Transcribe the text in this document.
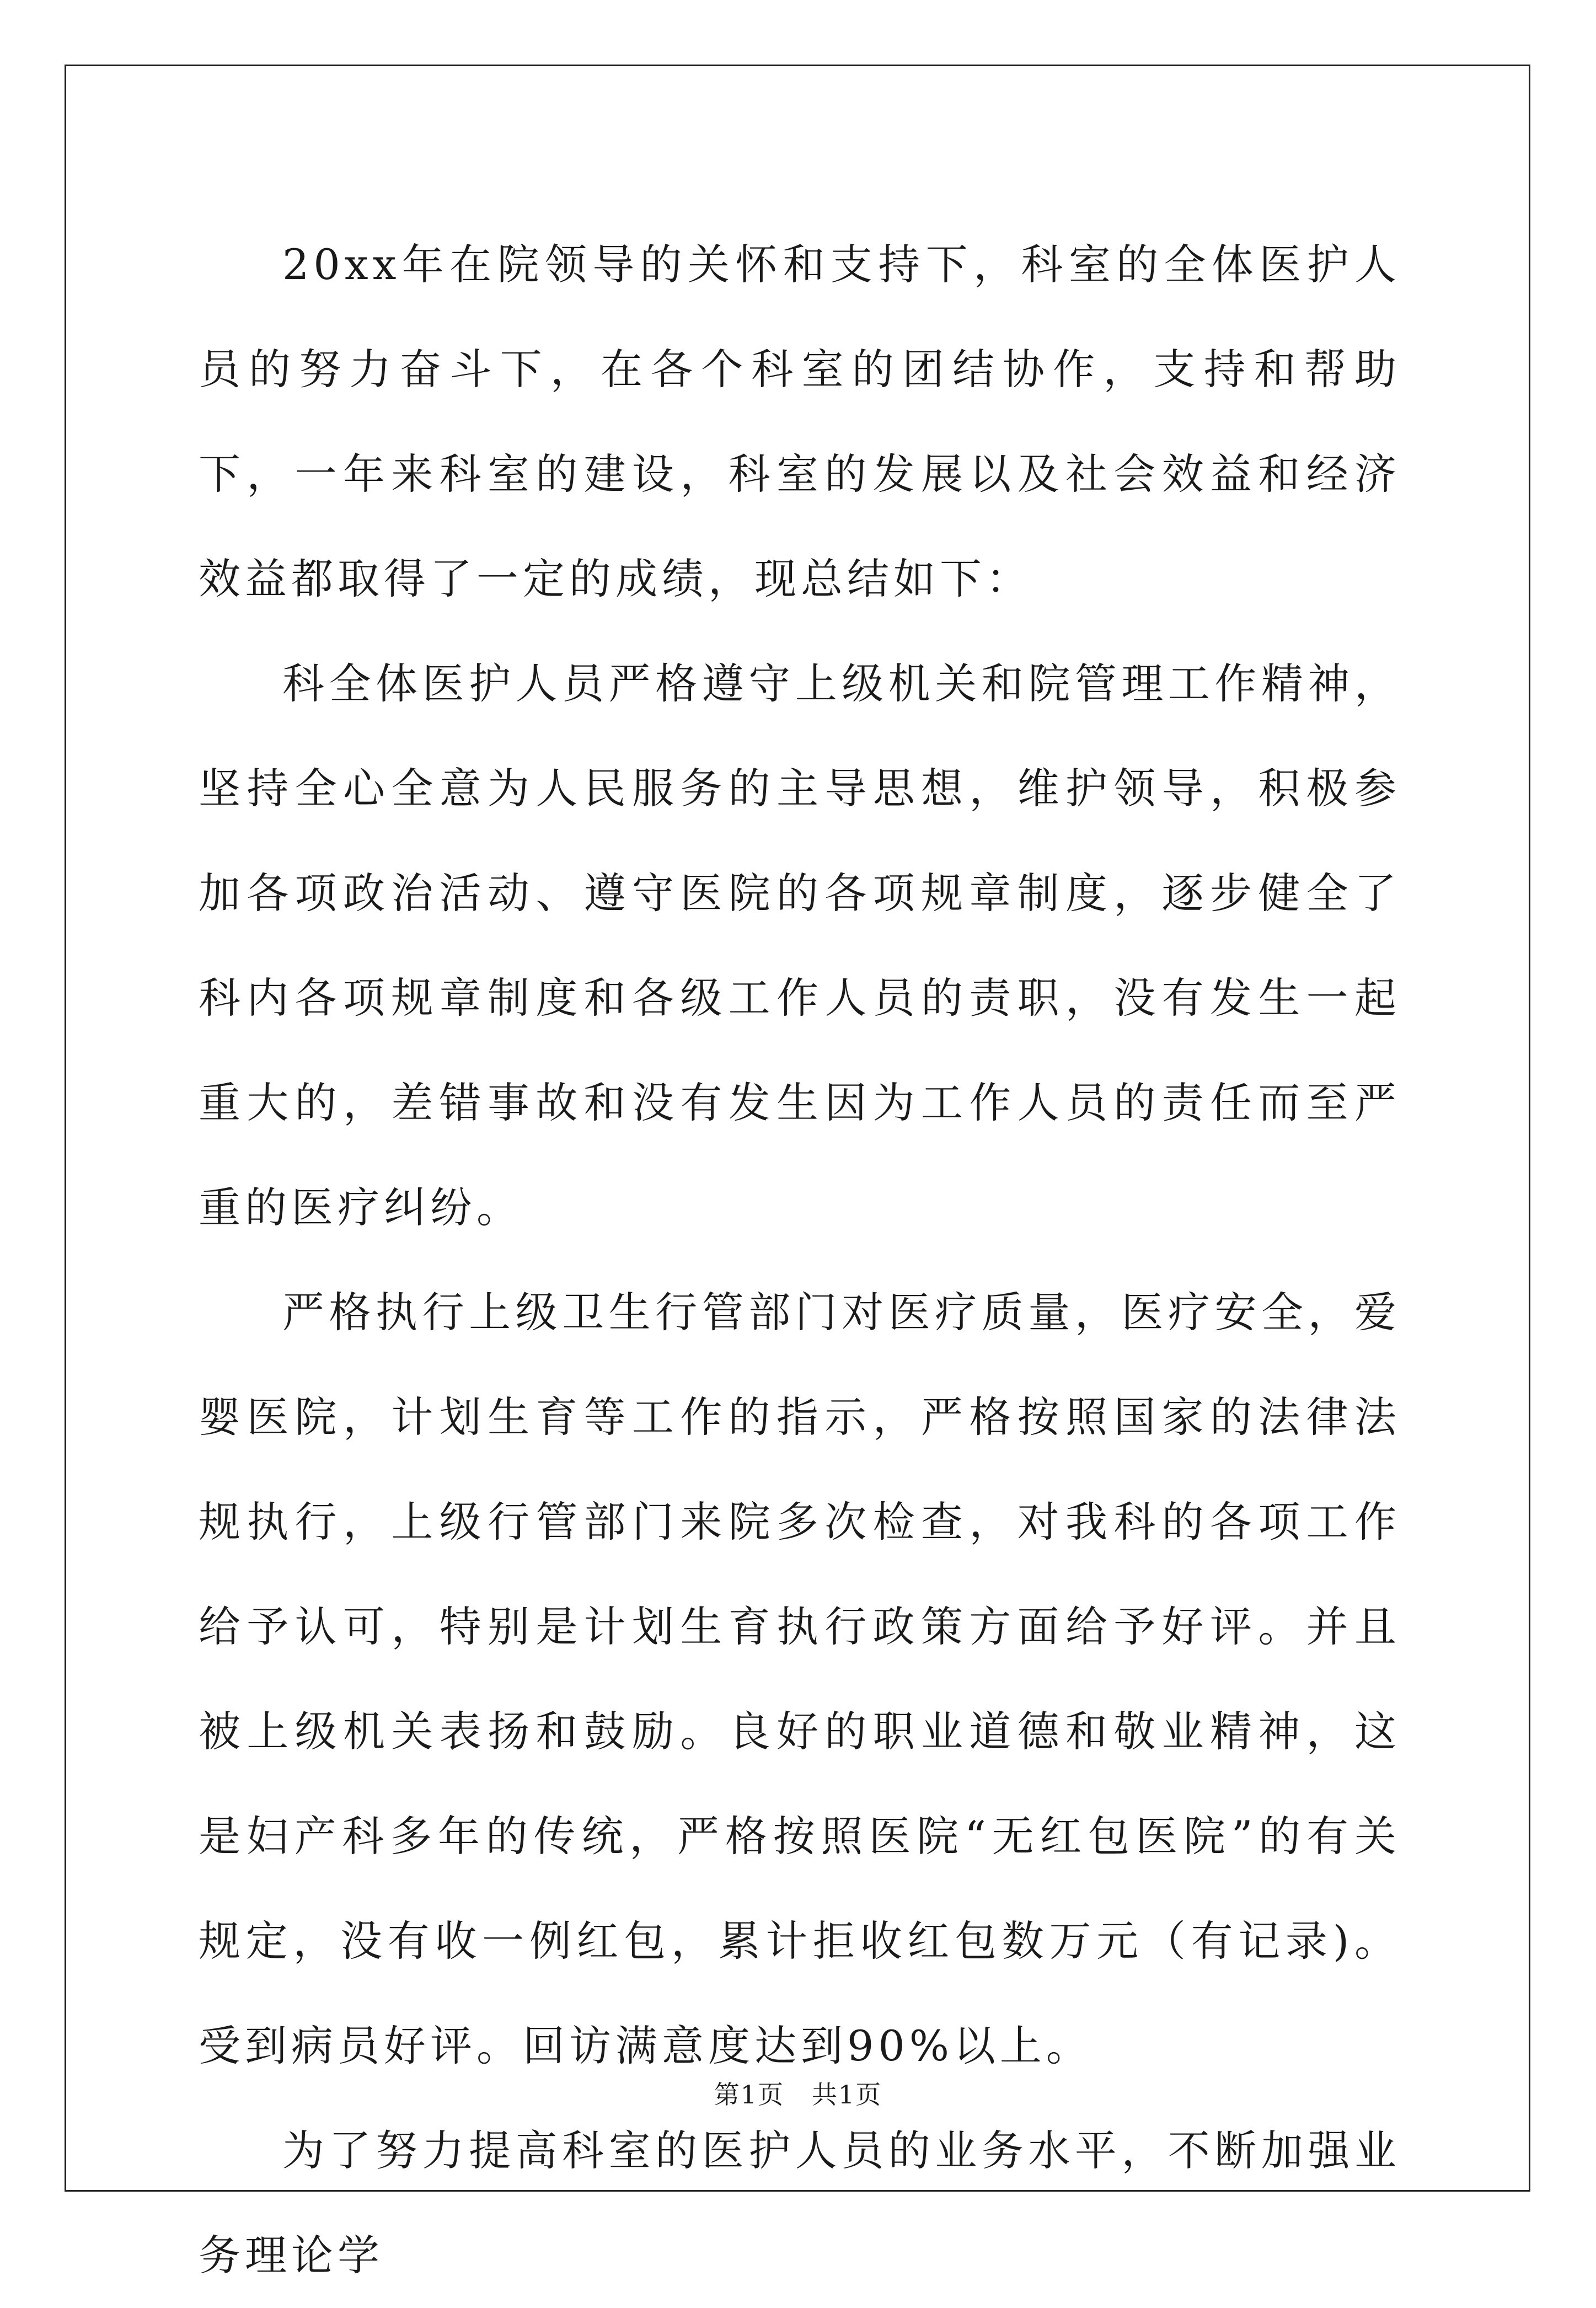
20xx年在院领导的关怀和支持下，科室的全体医护人员的努力奋斗下，在各个科室的团结协作，支持和帮助下，一年来科室的建设，科室的发展以及社会效益和经济效益都取得了一定的成绩，现总结如下：

科全体医护人员严格遵守上级机关和院管理工作精神，坚持全心全意为人民服务的主导思想，维护领导，积极参加各项政治活动、遵守医院的各项规章制度，逐步健全了科内各项规章制度和各级工作人员的责职，没有发生一起重大的，差错事故和没有发生因为工作人员的责任而至严重的医疗纠纷。

严格执行上级卫生行管部门对医疗质量，医疗安全，爱婴医院，计划生育等工作的指示，严格按照国家的法律法规执行，上级行管部门来院多次检查，对我科的各项工作给予认可，特别是计划生育执行政策方面给予好评。并且被上级机关表扬和鼓励。良好的职业道德和敬业精神，这是妇产科多年的传统，严格按照医院“无红包医院”的有关规定，没有收一例红包，累计拒收红包数万元（有记录)。受到病员好评。回访满意度达到90%以上。

为了努力提高科室的医护人员的业务水平，不断加强业务理论学

第1页   共1页
